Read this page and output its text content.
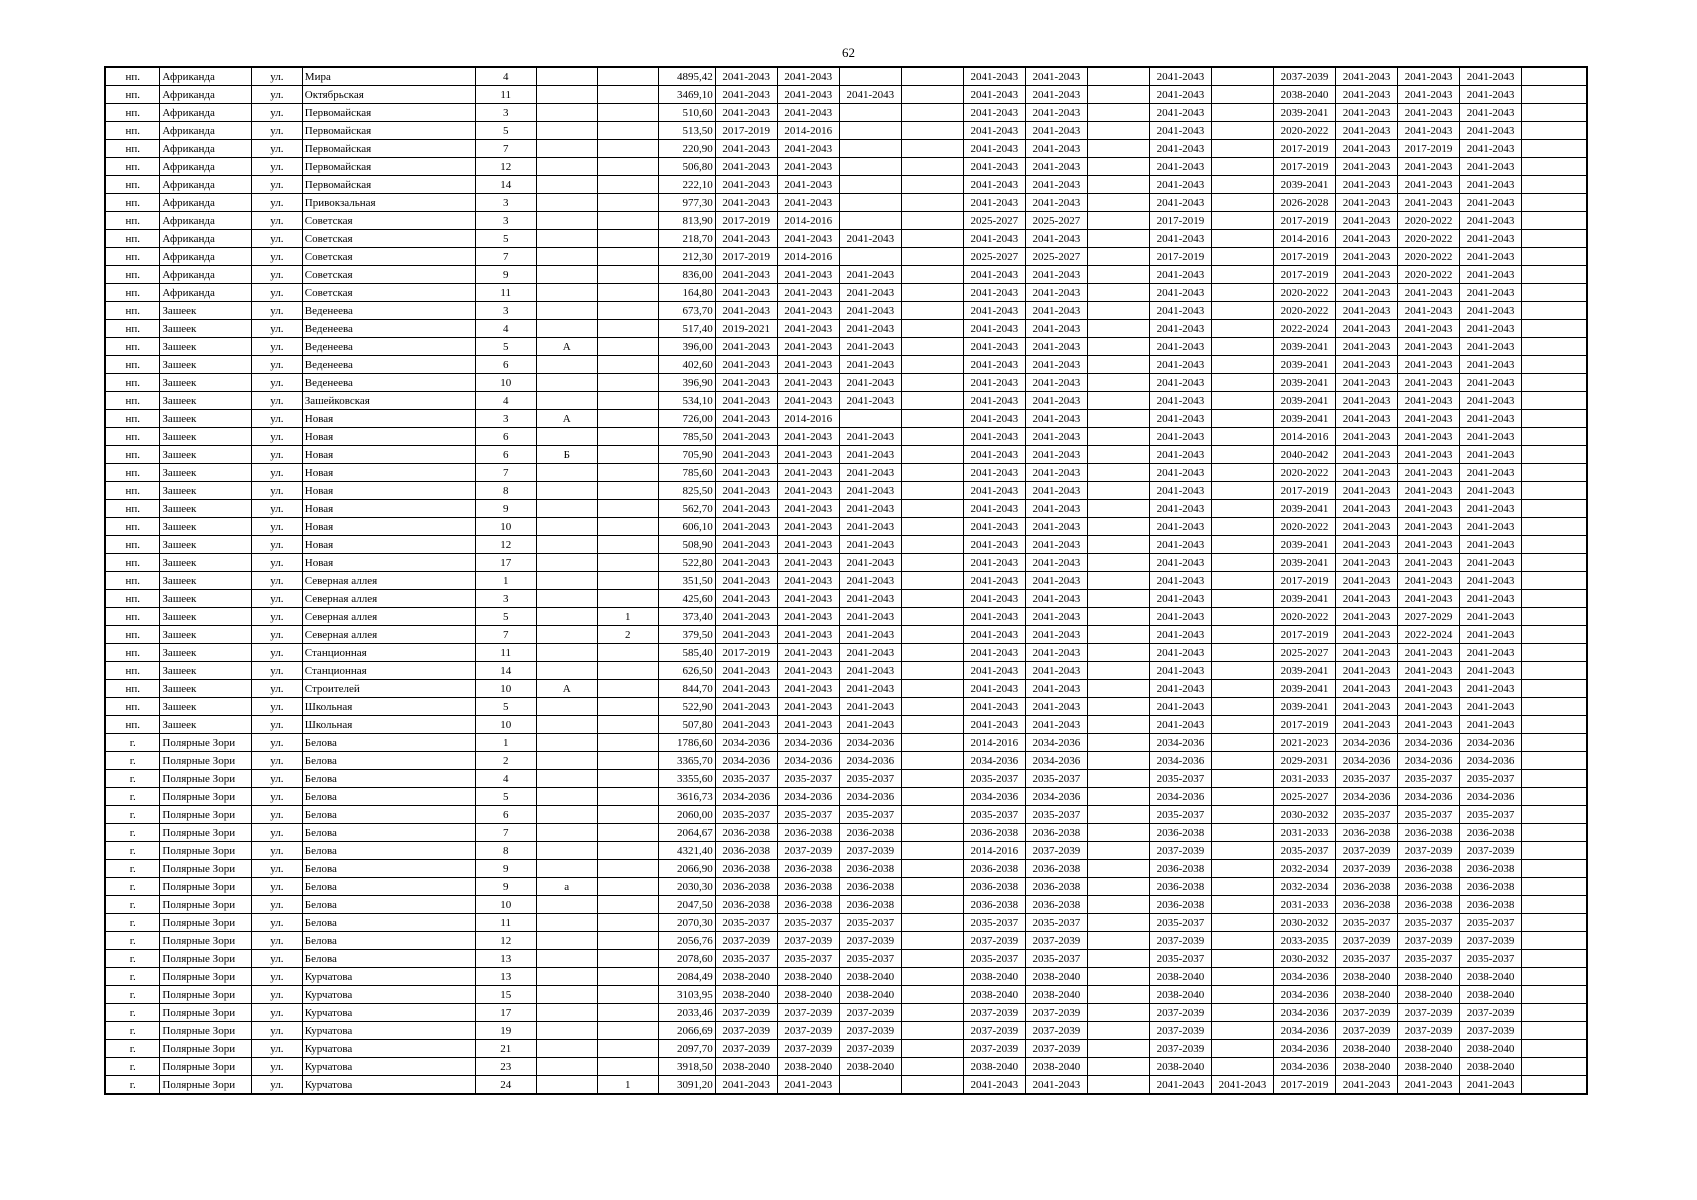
62
нп.	Африканда	ул.	Мира	4			4895,42	2041-2043	2041-2043			2041-2043	2041-2043		2041-2043		2037-2039	2041-2043	2041-2043	2041-2043	
нп.	Африканда	ул.	Октябрьская	11			3469,10	2041-2043	2041-2043	2041-2043		2041-2043	2041-2043		2041-2043		2038-2040	2041-2043	2041-2043	2041-2043	
нп.	Африканда	ул.	Первомайская	3			510,60	2041-2043	2041-2043			2041-2043	2041-2043		2041-2043		2039-2041	2041-2043	2041-2043	2041-2043	
нп.	Африканда	ул.	Первомайская	5			513,50	2017-2019	2014-2016			2041-2043	2041-2043		2041-2043		2020-2022	2041-2043	2041-2043	2041-2043	
нп.	Африканда	ул.	Первомайская	7			220,90	2041-2043	2041-2043			2041-2043	2041-2043		2041-2043		2017-2019	2041-2043	2017-2019	2041-2043	
нп.	Африканда	ул.	Первомайская	12			506,80	2041-2043	2041-2043			2041-2043	2041-2043		2041-2043		2017-2019	2041-2043	2041-2043	2041-2043	
нп.	Африканда	ул.	Первомайская	14			222,10	2041-2043	2041-2043			2041-2043	2041-2043		2041-2043		2039-2041	2041-2043	2041-2043	2041-2043	
нп.	Африканда	ул.	Привокзальная	3			977,30	2041-2043	2041-2043			2041-2043	2041-2043		2041-2043		2026-2028	2041-2043	2041-2043	2041-2043	
нп.	Африканда	ул.	Советская	3			813,90	2017-2019	2014-2016			2025-2027	2025-2027		2017-2019		2017-2019	2041-2043	2020-2022	2041-2043	
нп.	Африканда	ул.	Советская	5			218,70	2041-2043	2041-2043	2041-2043		2041-2043	2041-2043		2041-2043		2014-2016	2041-2043	2020-2022	2041-2043	
нп.	Африканда	ул.	Советская	7			212,30	2017-2019	2014-2016			2025-2027	2025-2027		2017-2019		2017-2019	2041-2043	2020-2022	2041-2043	
нп.	Африканда	ул.	Советская	9			836,00	2041-2043	2041-2043	2041-2043		2041-2043	2041-2043		2041-2043		2017-2019	2041-2043	2020-2022	2041-2043	
нп.	Африканда	ул.	Советская	11			164,80	2041-2043	2041-2043	2041-2043		2041-2043	2041-2043		2041-2043		2020-2022	2041-2043	2041-2043	2041-2043	
нп.	Зашеек	ул.	Веденеева	3			673,70	2041-2043	2041-2043	2041-2043		2041-2043	2041-2043		2041-2043		2020-2022	2041-2043	2041-2043	2041-2043	
нп.	Зашеек	ул.	Веденеева	4			517,40	2019-2021	2041-2043	2041-2043		2041-2043	2041-2043		2041-2043		2022-2024	2041-2043	2041-2043	2041-2043	
нп.	Зашеек	ул.	Веденеева	5	А		396,00	2041-2043	2041-2043	2041-2043		2041-2043	2041-2043		2041-2043		2039-2041	2041-2043	2041-2043	2041-2043	
нп.	Зашеек	ул.	Веденеева	6			402,60	2041-2043	2041-2043	2041-2043		2041-2043	2041-2043		2041-2043		2039-2041	2041-2043	2041-2043	2041-2043	
нп.	Зашеек	ул.	Веденеева	10			396,90	2041-2043	2041-2043	2041-2043		2041-2043	2041-2043		2041-2043		2039-2041	2041-2043	2041-2043	2041-2043	
нп.	Зашеек	ул.	Зашейковская	4			534,10	2041-2043	2041-2043	2041-2043		2041-2043	2041-2043		2041-2043		2039-2041	2041-2043	2041-2043	2041-2043	
нп.	Зашеек	ул.	Новая	3	А		726,00	2041-2043	2014-2016			2041-2043	2041-2043		2041-2043		2039-2041	2041-2043	2041-2043	2041-2043	
нп.	Зашеек	ул.	Новая	6			785,50	2041-2043	2041-2043	2041-2043		2041-2043	2041-2043		2041-2043		2014-2016	2041-2043	2041-2043	2041-2043	
нп.	Зашеек	ул.	Новая	6	Б		705,90	2041-2043	2041-2043	2041-2043		2041-2043	2041-2043		2041-2043		2040-2042	2041-2043	2041-2043	2041-2043	
нп.	Зашеек	ул.	Новая	7			785,60	2041-2043	2041-2043	2041-2043		2041-2043	2041-2043		2041-2043		2020-2022	2041-2043	2041-2043	2041-2043	
нп.	Зашеек	ул.	Новая	8			825,50	2041-2043	2041-2043	2041-2043		2041-2043	2041-2043		2041-2043		2017-2019	2041-2043	2041-2043	2041-2043	
нп.	Зашеек	ул.	Новая	9			562,70	2041-2043	2041-2043	2041-2043		2041-2043	2041-2043		2041-2043		2039-2041	2041-2043	2041-2043	2041-2043	
нп.	Зашеек	ул.	Новая	10			606,10	2041-2043	2041-2043	2041-2043		2041-2043	2041-2043		2041-2043		2020-2022	2041-2043	2041-2043	2041-2043	
нп.	Зашеек	ул.	Новая	12			508,90	2041-2043	2041-2043	2041-2043		2041-2043	2041-2043		2041-2043		2039-2041	2041-2043	2041-2043	2041-2043	
нп.	Зашеек	ул.	Новая	17			522,80	2041-2043	2041-2043	2041-2043		2041-2043	2041-2043		2041-2043		2039-2041	2041-2043	2041-2043	2041-2043	
нп.	Зашеек	ул.	Северная аллея	1			351,50	2041-2043	2041-2043	2041-2043		2041-2043	2041-2043		2041-2043		2017-2019	2041-2043	2041-2043	2041-2043	
нп.	Зашеек	ул.	Северная аллея	3			425,60	2041-2043	2041-2043	2041-2043		2041-2043	2041-2043		2041-2043		2039-2041	2041-2043	2041-2043	2041-2043	
нп.	Зашеек	ул.	Северная аллея	5		1	373,40	2041-2043	2041-2043	2041-2043		2041-2043	2041-2043		2041-2043		2020-2022	2041-2043	2027-2029	2041-2043	
нп.	Зашеек	ул.	Северная аллея	7		2	379,50	2041-2043	2041-2043	2041-2043		2041-2043	2041-2043		2041-2043		2017-2019	2041-2043	2022-2024	2041-2043	
нп.	Зашеек	ул.	Станционная	11			585,40	2017-2019	2041-2043	2041-2043		2041-2043	2041-2043		2041-2043		2025-2027	2041-2043	2041-2043	2041-2043	
нп.	Зашеек	ул.	Станционная	14			626,50	2041-2043	2041-2043	2041-2043		2041-2043	2041-2043		2041-2043		2039-2041	2041-2043	2041-2043	2041-2043	
нп.	Зашеек	ул.	Строителей	10	А		844,70	2041-2043	2041-2043	2041-2043		2041-2043	2041-2043		2041-2043		2039-2041	2041-2043	2041-2043	2041-2043	
нп.	Зашеек	ул.	Школьная	5			522,90	2041-2043	2041-2043	2041-2043		2041-2043	2041-2043		2041-2043		2039-2041	2041-2043	2041-2043	2041-2043	
нп.	Зашеек	ул.	Школьная	10			507,80	2041-2043	2041-2043	2041-2043		2041-2043	2041-2043		2041-2043		2017-2019	2041-2043	2041-2043	2041-2043	
г.	Полярные Зори	ул.	Белова	1			1786,60	2034-2036	2034-2036	2034-2036		2014-2016	2034-2036		2034-2036		2021-2023	2034-2036	2034-2036	2034-2036	
г.	Полярные Зори	ул.	Белова	2			3365,70	2034-2036	2034-2036	2034-2036		2034-2036	2034-2036		2034-2036		2029-2031	2034-2036	2034-2036	2034-2036	
г.	Полярные Зори	ул.	Белова	4			3355,60	2035-2037	2035-2037	2035-2037		2035-2037	2035-2037		2035-2037		2031-2033	2035-2037	2035-2037	2035-2037	
г.	Полярные Зори	ул.	Белова	5			3616,73	2034-2036	2034-2036	2034-2036		2034-2036	2034-2036		2034-2036		2025-2027	2034-2036	2034-2036	2034-2036	
г.	Полярные Зори	ул.	Белова	6			2060,00	2035-2037	2035-2037	2035-2037		2035-2037	2035-2037		2035-2037		2030-2032	2035-2037	2035-2037	2035-2037	
г.	Полярные Зори	ул.	Белова	7			2064,67	2036-2038	2036-2038	2036-2038		2036-2038	2036-2038		2036-2038		2031-2033	2036-2038	2036-2038	2036-2038	
г.	Полярные Зори	ул.	Белова	8			4321,40	2036-2038	2037-2039	2037-2039		2014-2016	2037-2039		2037-2039		2035-2037	2037-2039	2037-2039	2037-2039	
г.	Полярные Зори	ул.	Белова	9			2066,90	2036-2038	2036-2038	2036-2038		2036-2038	2036-2038		2036-2038		2032-2034	2037-2039	2036-2038	2036-2038	
г.	Полярные Зори	ул.	Белова	9	а		2030,30	2036-2038	2036-2038	2036-2038		2036-2038	2036-2038		2036-2038		2032-2034	2036-2038	2036-2038	2036-2038	
г.	Полярные Зори	ул.	Белова	10			2047,50	2036-2038	2036-2038	2036-2038		2036-2038	2036-2038		2036-2038		2031-2033	2036-2038	2036-2038	2036-2038	
г.	Полярные Зори	ул.	Белова	11			2070,30	2035-2037	2035-2037	2035-2037		2035-2037	2035-2037		2035-2037		2030-2032	2035-2037	2035-2037	2035-2037	
г.	Полярные Зори	ул.	Белова	12			2056,76	2037-2039	2037-2039	2037-2039		2037-2039	2037-2039		2037-2039		2033-2035	2037-2039	2037-2039	2037-2039	
г.	Полярные Зори	ул.	Белова	13			2078,60	2035-2037	2035-2037	2035-2037		2035-2037	2035-2037		2035-2037		2030-2032	2035-2037	2035-2037	2035-2037	
г.	Полярные Зори	ул.	Курчатова	13			2084,49	2038-2040	2038-2040	2038-2040		2038-2040	2038-2040		2038-2040		2034-2036	2038-2040	2038-2040	2038-2040	
г.	Полярные Зори	ул.	Курчатова	15			3103,95	2038-2040	2038-2040	2038-2040		2038-2040	2038-2040		2038-2040		2034-2036	2038-2040	2038-2040	2038-2040	
г.	Полярные Зори	ул.	Курчатова	17			2033,46	2037-2039	2037-2039	2037-2039		2037-2039	2037-2039		2037-2039		2034-2036	2037-2039	2037-2039	2037-2039	
г.	Полярные Зори	ул.	Курчатова	19			2066,69	2037-2039	2037-2039	2037-2039		2037-2039	2037-2039		2037-2039		2034-2036	2037-2039	2037-2039	2037-2039	
г.	Полярные Зори	ул.	Курчатова	21			2097,70	2037-2039	2037-2039	2037-2039		2037-2039	2037-2039		2037-2039		2034-2036	2038-2040	2038-2040	2038-2040	
г.	Полярные Зори	ул.	Курчатова	23			3918,50	2038-2040	2038-2040	2038-2040		2038-2040	2038-2040		2038-2040		2034-2036	2038-2040	2038-2040	2038-2040	
г.	Полярные Зори	ул.	Курчатова	24		1	3091,20	2041-2043	2041-2043			2041-2043	2041-2043		2041-2043	2041-2043	2017-2019	2041-2043	2041-2043	2041-2043	
